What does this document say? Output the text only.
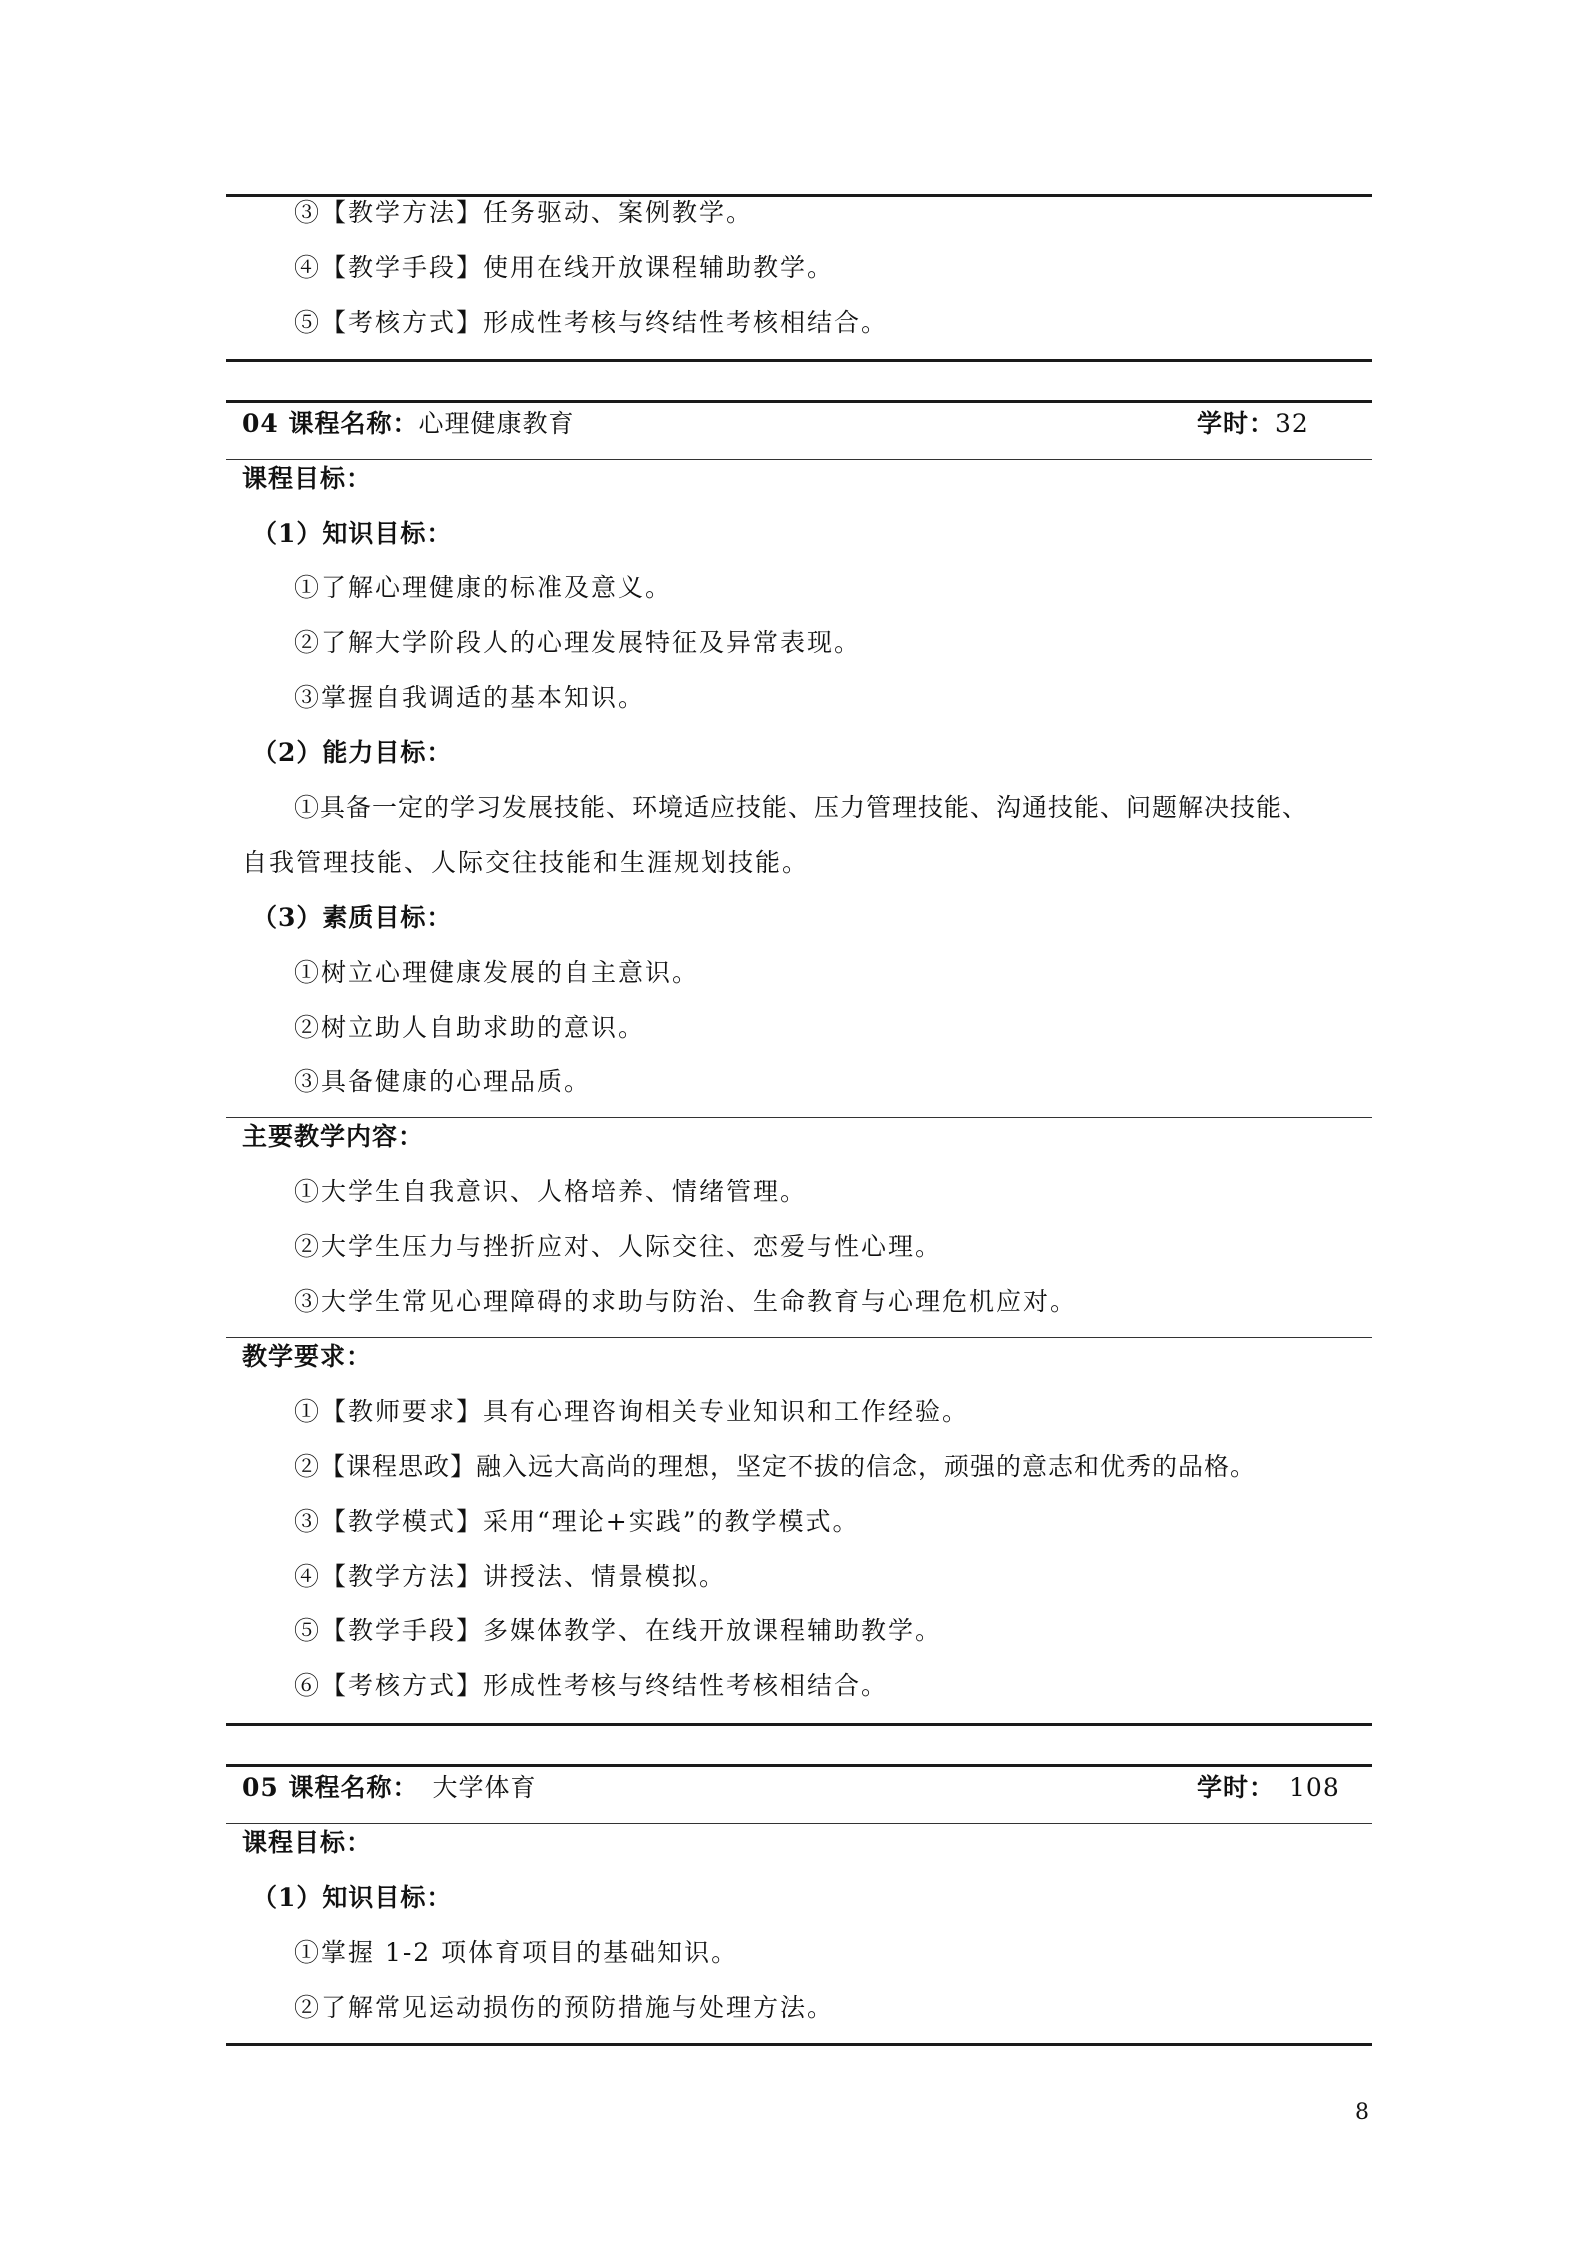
③【教学方法】任务驱动、案例教学。
④【教学手段】使用在线开放课程辅助教学。
⑤【考核方式】形成性考核与终结性考核相结合。
04 课程名称：心理健康教育	学时：32
课程目标：
（1）知识目标：
①了解心理健康的标准及意义。
②了解大学阶段人的心理发展特征及异常表现。
③掌握自我调适的基本知识。
（2）能力目标：
①具备一定的学习发展技能、环境适应技能、压力管理技能、沟通技能、问题解决技能、
自我管理技能、人际交往技能和生涯规划技能。
（3）素质目标：
①树立心理健康发展的自主意识。
②树立助人自助求助的意识。
③具备健康的心理品质。
主要教学内容：
①大学生自我意识、人格培养、情绪管理。
②大学生压力与挫折应对、人际交往、恋爱与性心理。
③大学生常见心理障碍的求助与防治、生命教育与心理危机应对。
教学要求：
①【教师要求】具有心理咨询相关专业知识和工作经验。
②【课程思政】融入远大高尚的理想，坚定不拔的信念，顽强的意志和优秀的品格。
③【教学模式】采用“理论+实践”的教学模式。
④【教学方法】讲授法、情景模拟。
⑤【教学手段】多媒体教学、在线开放课程辅助教学。
⑥【考核方式】形成性考核与终结性考核相结合。
05 课程名称： 大学体育	学时： 108
课程目标：
（1）知识目标：
①掌握 1-2 项体育项目的基础知识。
②了解常见运动损伤的预防措施与处理方法。
8
